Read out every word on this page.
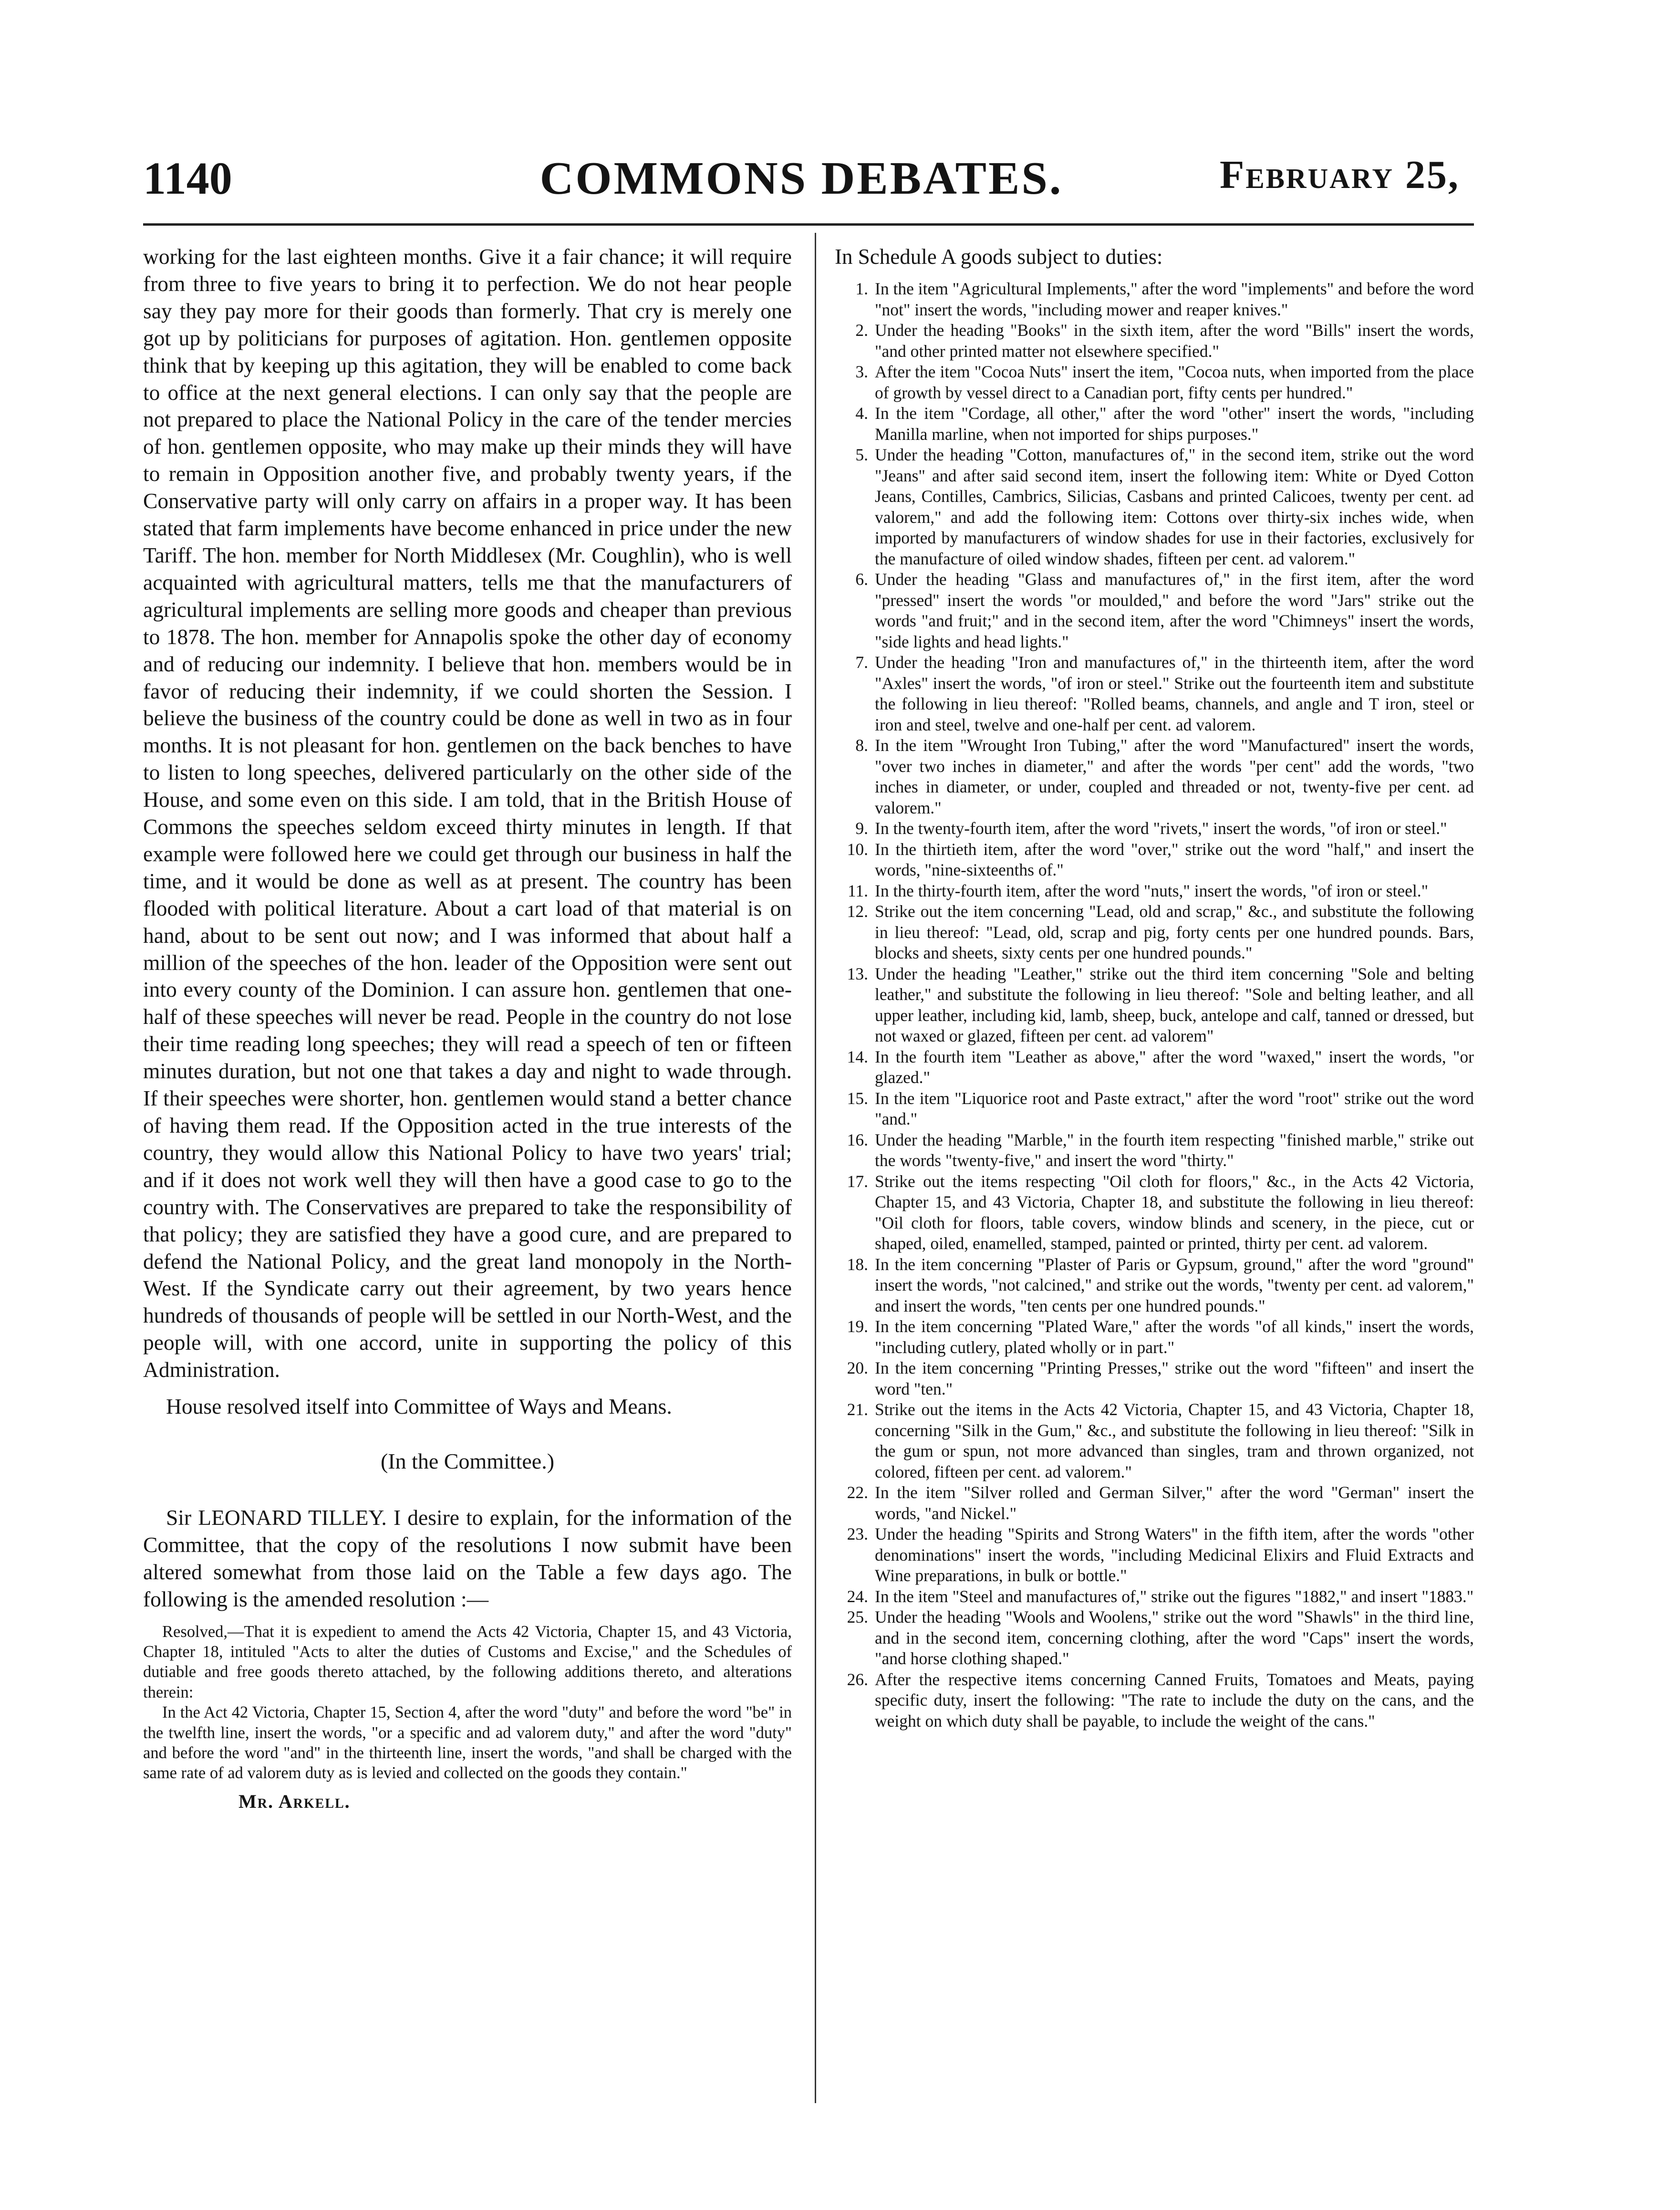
1140	COMMONS DEBATES.	February 25,

working for the last eighteen months. Give it a fair chance; it will require from three to five years to bring it to perfection. We do not hear people say they pay more for their goods than formerly. That cry is merely one got up by politicians for purposes of agitation. Hon. gentlemen opposite think that by keeping up this agitation, they will be enabled to come back to office at the next general elections. I can only say that the people are not prepared to place the National Policy in the care of the tender mercies of hon. gentlemen opposite, who may make up their minds they will have to remain in Opposition another five, and probably twenty years, if the Conservative party will only carry on affairs in a proper way. It has been stated that farm implements have become enhanced in price under the new Tariff. The hon. member for North Middlesex (Mr. Coughlin), who is well acquainted with agricultural matters, tells me that the manufacturers of agricultural implements are selling more goods and cheaper than previous to 1878. The hon. member for Annapolis spoke the other day of economy and of reducing our indemnity. I believe that hon. members would be in favor of reducing their indemnity, if we could shorten the Session. I believe the business of the country could be done as well in two as in four months. It is not pleasant for hon. gentlemen on the back benches to have to listen to long speeches, delivered particularly on the other side of the House, and some even on this side. I am told, that in the British House of Commons the speeches seldom exceed thirty minutes in length. If that example were followed here we could get through our business in half the time, and it would be done as well as at present. The country has been flooded with political literature. About a cart load of that material is on hand, about to be sent out now; and I was informed that about half a million of the speeches of the hon. leader of the Opposition were sent out into every county of the Dominion. I can assure hon. gentlemen that one-half of these speeches will never be read. People in the country do not lose their time reading long speeches; they will read a speech of ten or fifteen minutes duration, but not one that takes a day and night to wade through. If their speeches were shorter, hon. gentlemen would stand a better chance of having them read. If the Opposition acted in the true interests of the country, they would allow this National Policy to have two years' trial; and if it does not work well they will then have a good case to go to the country with. The Conservatives are prepared to take the responsibility of that policy; they are satisfied they have a good cure, and are prepared to defend the National Policy, and the great land monopoly in the North-West. If the Syndicate carry out their agreement, by two years hence hundreds of thousands of people will be settled in our North-West, and the people will, with one accord, unite in supporting the policy of this Administration.

House resolved itself into Committee of Ways and Means.

(In the Committee.)

Sir LEONARD TILLEY. I desire to explain, for the information of the Committee, that the copy of the resolutions I now submit have been altered somewhat from those laid on the Table a few days ago. The following is the amended resolution :—

Resolved,—That it is expedient to amend the Acts 42 Victoria, Chapter 15, and 43 Victoria, Chapter 18, intituled "Acts to alter the duties of Customs and Excise," and the Schedules of dutiable and free goods thereto attached, by the following additions thereto, and alterations therein:

In the Act 42 Victoria, Chapter 15, Section 4, after the word "duty" and before the word "be" in the twelfth line, insert the words, "or a specific and ad valorem duty," and after the word "duty" and before the word "and" in the thirteenth line, insert the words, "and shall be charged with the same rate of ad valorem duty as is levied and collected on the goods they contain."

Mr. Arkell.

In Schedule A goods subject to duties:

1. In the item "Agricultural Implements," after the word "implements" and before the word "not" insert the words, "including mower and reaper knives."
2. Under the heading "Books" in the sixth item, after the word "Bills" insert the words, "and other printed matter not elsewhere specified."
3. After the item "Cocoa Nuts" insert the item, "Cocoa nuts, when imported from the place of growth by vessel direct to a Canadian port, fifty cents per hundred."
4. In the item "Cordage, all other," after the word "other" insert the words, "including Manilla marline, when not imported for ships purposes."
5. Under the heading "Cotton, manufactures of," in the second item, strike out the word "Jeans" and after said second item, insert the following item: White or Dyed Cotton Jeans, Contilles, Cambrics, Silicias, Casbans and printed Calicoes, twenty per cent. ad valorem," and add the following item: Cottons over thirty-six inches wide, when imported by manufacturers of window shades for use in their factories, exclusively for the manufacture of oiled window shades, fifteen per cent. ad valorem."
6. Under the heading "Glass and manufactures of," in the first item, after the word "pressed" insert the words "or moulded," and before the word "Jars" strike out the words "and fruit;" and in the second item, after the word "Chimneys" insert the words, "side lights and head lights."
7. Under the heading "Iron and manufactures of," in the thirteenth item, after the word "Axles" insert the words, "of iron or steel." Strike out the fourteenth item and substitute the following in lieu thereof: "Rolled beams, channels, and angle and T iron, steel or iron and steel, twelve and one-half per cent. ad valorem.
8. In the item "Wrought Iron Tubing," after the word "Manufactured" insert the words, "over two inches in diameter," and after the words "per cent" add the words, "two inches in diameter, or under, coupled and threaded or not, twenty-five per cent. ad valorem."
9. In the twenty-fourth item, after the word "rivets," insert the words, "of iron or steel."
10. In the thirtieth item, after the word "over," strike out the word "half," and insert the words, "nine-sixteenths of."
11. In the thirty-fourth item, after the word "nuts," insert the words, "of iron or steel."
12. Strike out the item concerning "Lead, old and scrap," &c., and substitute the following in lieu thereof: "Lead, old, scrap and pig, forty cents per one hundred pounds. Bars, blocks and sheets, sixty cents per one hundred pounds."
13. Under the heading "Leather," strike out the third item concerning "Sole and belting leather," and substitute the following in lieu thereof: "Sole and belting leather, and all upper leather, including kid, lamb, sheep, buck, antelope and calf, tanned or dressed, but not waxed or glazed, fifteen per cent. ad valorem"
14. In the fourth item "Leather as above," after the word "waxed," insert the words, "or glazed."
15. In the item "Liquorice root and Paste extract," after the word "root" strike out the word "and."
16. Under the heading "Marble," in the fourth item respecting "finished marble," strike out the words "twenty-five," and insert the word "thirty."
17. Strike out the items respecting "Oil cloth for floors," &c., in the Acts 42 Victoria, Chapter 15, and 43 Victoria, Chapter 18, and substitute the following in lieu thereof: "Oil cloth for floors, table covers, window blinds and scenery, in the piece, cut or shaped, oiled, enamelled, stamped, painted or printed, thirty per cent. ad valorem.
18. In the item concerning "Plaster of Paris or Gypsum, ground," after the word "ground" insert the words, "not calcined," and strike out the words, "twenty per cent. ad valorem," and insert the words, "ten cents per one hundred pounds."
19. In the item concerning "Plated Ware," after the words "of all kinds," insert the words, "including cutlery, plated wholly or in part."
20. In the item concerning "Printing Presses," strike out the word "fifteen" and insert the word "ten."
21. Strike out the items in the Acts 42 Victoria, Chapter 15, and 43 Victoria, Chapter 18, concerning "Silk in the Gum," &c., and substitute the following in lieu thereof: "Silk in the gum or spun, not more advanced than singles, tram and thrown organized, not colored, fifteen per cent. ad valorem."
22. In the item "Silver rolled and German Silver," after the word "German" insert the words, "and Nickel."
23. Under the heading "Spirits and Strong Waters" in the fifth item, after the words "other denominations" insert the words, "including Medicinal Elixirs and Fluid Extracts and Wine preparations, in bulk or bottle."
24. In the item "Steel and manufactures of," strike out the figures "1882," and insert "1883."
25. Under the heading "Wools and Woolens," strike out the word "Shawls" in the third line, and in the second item, concerning clothing, after the word "Caps" insert the words, "and horse clothing shaped."
26. After the respective items concerning Canned Fruits, Tomatoes and Meats, paying specific duty, insert the following: "The rate to include the duty on the cans, and the weight on which duty shall be payable, to include the weight of the cans."
